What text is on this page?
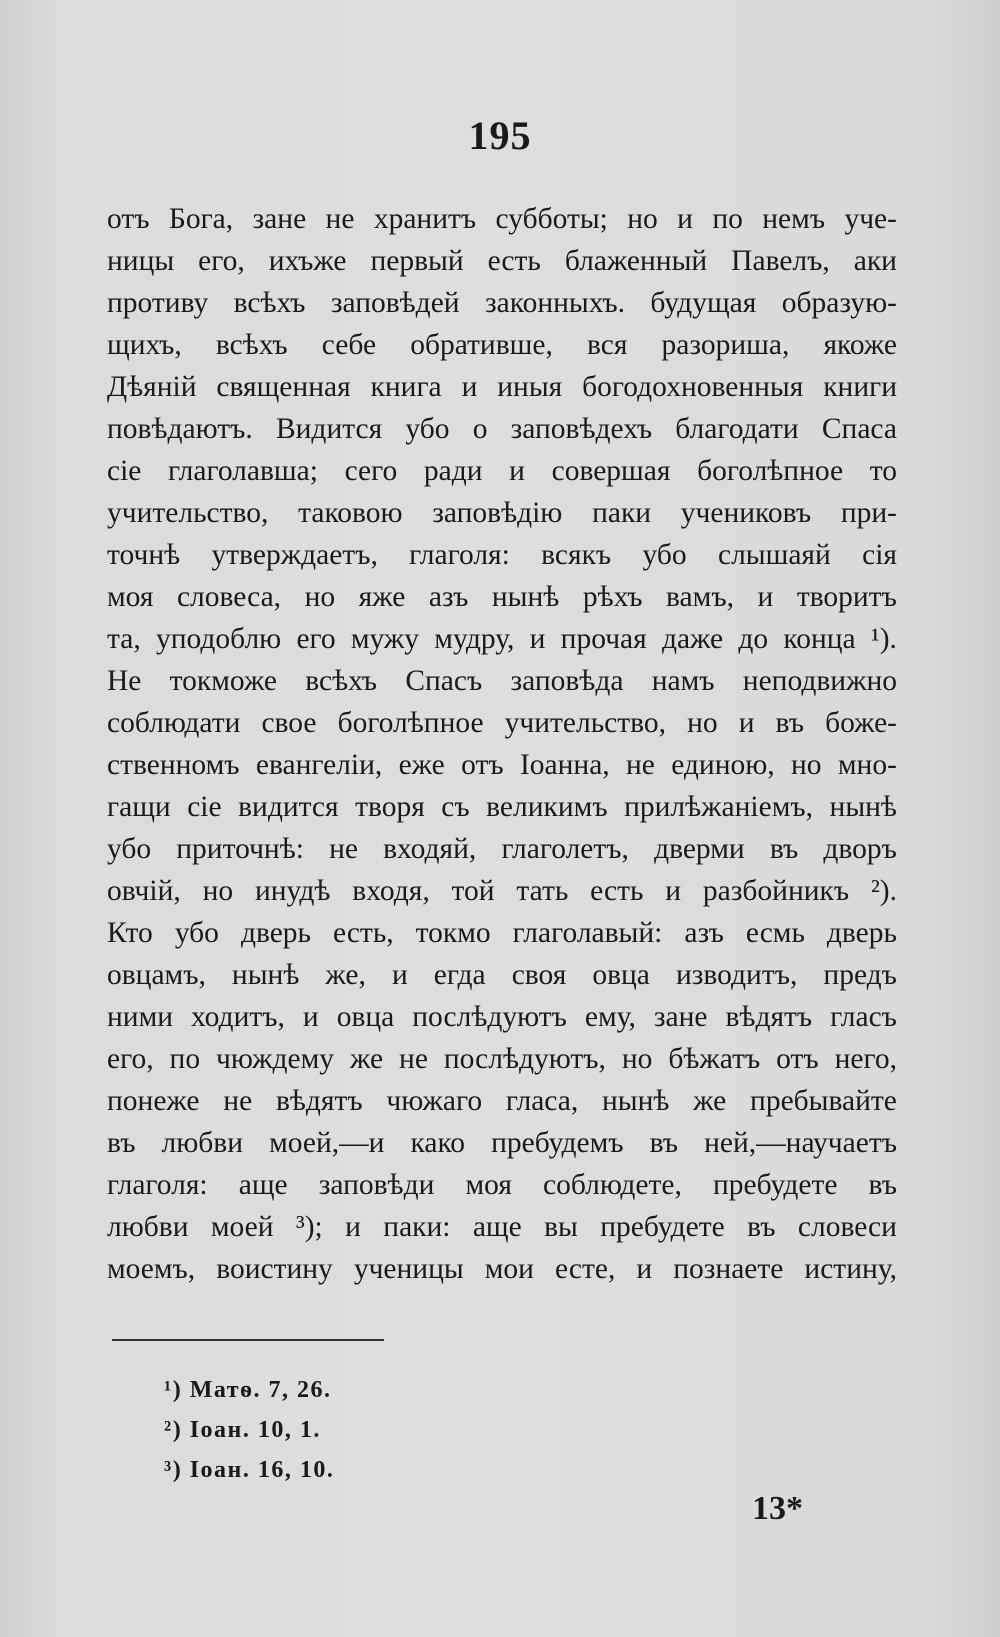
195
отъ Бога, зане не хранитъ субботы; но и по немъ уче-
ницы его, ихъже первый есть блаженный Павелъ, аки
противу всѣхъ заповѣдей законныхъ. будущая образую-
щихъ, всѣхъ себе обративше, вся разориша, якоже
Дѣяній священная книга и иныя богодохновенныя книги
повѣдаютъ. Видится убо о заповѣдехъ благодати Спаса
сіе глаголавша; сего ради и совершая боголѣпное то
учительство, таковою заповѣдію паки учениковъ при-
точнѣ утверждаетъ, глаголя: всякъ убо слышаяй сія
моя словеса, но яже азъ нынѣ рѣхъ вамъ, и творитъ
та, уподоблю его мужу мудру, и прочая даже до конца ¹).
Не токможе всѣхъ Спасъ заповѣда намъ неподвижно
соблюдати свое боголѣпное учительство, но и въ боже-
ственномъ евангеліи, еже отъ Іоанна, не единою, но мно-
гащи сіе видится творя съ великимъ прилѣжаніемъ, нынѣ
убо приточнѣ: не входяй, глаголетъ, дверми въ дворъ
овчій, но инудѣ входя, той тать есть и разбойникъ ²).
Кто убо дверь есть, токмо глаголавый: азъ есмь дверь
овцамъ, нынѣ же, и егда своя овца изводитъ, предъ
ними ходитъ, и овца послѣдуютъ ему, зане вѣдятъ гласъ
его, по чюждему же не послѣдуютъ, но бѣжатъ отъ него,
понеже не вѣдятъ чюжаго гласа, нынѣ же пребывайте
въ любви моей,—и како пребудемъ въ ней,—научаетъ
глаголя: аще заповѣди моя соблюдете, пребудете въ
любви моей ³); и паки: аще вы пребудете въ словеси
моемъ, воистину ученицы мои есте, и познаете истину,
¹) Матѳ. 7, 26.
²) Іоан. 10, 1.
³) Іоан. 16, 10.
13*
